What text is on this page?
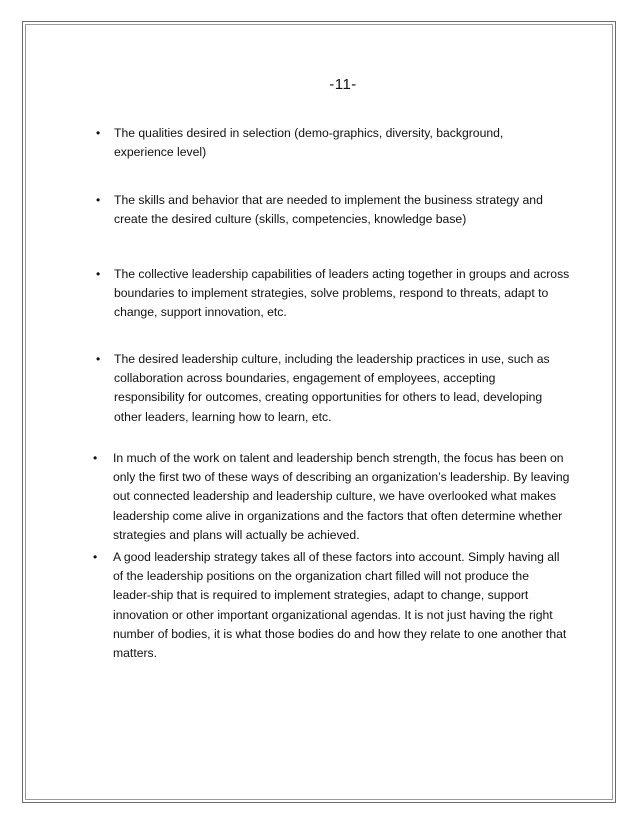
-11-
• The qualities desired in selection (demo-graphics, diversity, background,
experience level)

• The skills and behavior that are needed to implement the business strategy and
create the desired culture (skills, competencies, knowledge base)

• The collective leadership capabilities of leaders acting together in groups and across
boundaries to implement strategies, solve problems, respond to threats, adapt to
change, support innovation, etc.

• The desired leadership culture, including the leadership practices in use, such as
collaboration across boundaries, engagement of employees, accepting
responsibility for outcomes, creating opportunities for others to lead, developing
other leaders, learning how to learn, etc.

• In much of the work on talent and leadership bench strength, the focus has been on
only the first two of these ways of describing an organization’s leadership. By leaving
out connected leadership and leadership culture, we have overlooked what makes
leadership come alive in organizations and the factors that often determine whether
strategies and plans will actually be achieved.

• A good leadership strategy takes all of these factors into account. Simply having all
of the leadership positions on the organization chart filled will not produce the
leader-ship that is required to implement strategies, adapt to change, support
innovation or other important organizational agendas. It is not just having the right
number of bodies, it is what those bodies do and how they relate to one another that
matters.
